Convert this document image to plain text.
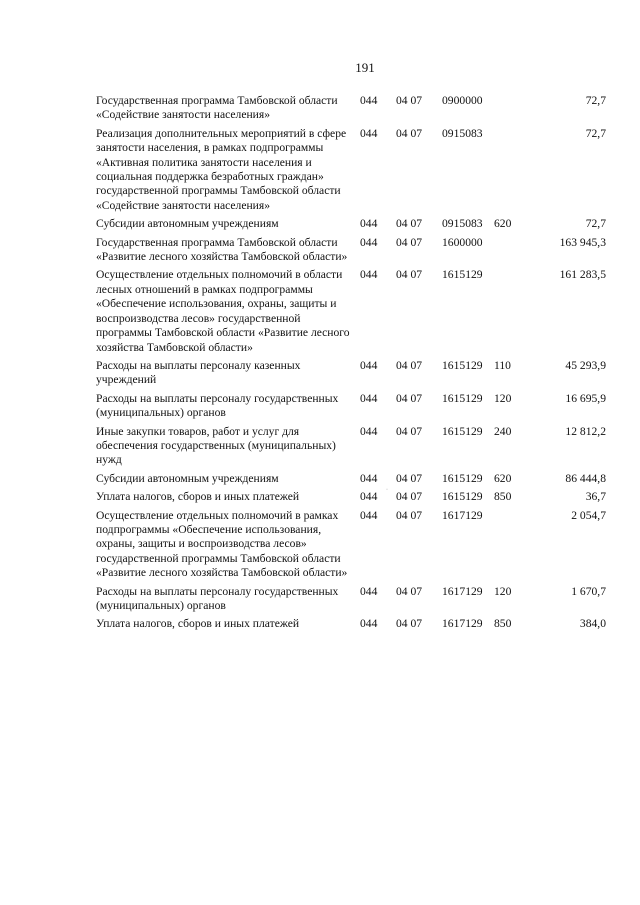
191
Государственная программа Тамбовской области «Содействие занятости населения»	044	04 07	0900000		72,7
Реализация дополнительных мероприятий в сфере занятости населения, в рамках подпрограммы «Активная политика занятости населения и социальная поддержка безработных граждан» государственной программы Тамбовской области «Содействие занятости населения»	044	04 07	0915083		72,7
Субсидии автономным учреждениям	044	04 07	0915083	620	72,7
Государственная программа Тамбовской области «Развитие лесного хозяйства Тамбовской области»	044	04 07	1600000		163 945,3
Осуществление отдельных полномочий в области лесных отношений в рамках подпрограммы «Обеспечение использования, охраны, защиты и воспроизводства лесов» государственной программы Тамбовской области «Развитие лесного хозяйства Тамбовской области»	044	04 07	1615129		161 283,5
Расходы на выплаты персоналу казенных учреждений	044	04 07	1615129	110	45 293,9
Расходы на выплаты персоналу государственных (муниципальных) органов	044	04 07	1615129	120	16 695,9
Иные закупки товаров, работ и услуг для обеспечения государственных (муниципальных) нужд	044	04 07	1615129	240	12 812,2
Субсидии автономным учреждениям	044	04 07	1615129	620	86 444,8
Уплата налогов, сборов и иных платежей	044	04 07	1615129	850	36,7
Осуществление отдельных полномочий в рамках подпрограммы «Обеспечение использования, охраны, защиты и воспроизводства лесов» государственной программы Тамбовской области «Развитие лесного хозяйства Тамбовской области»	044	04 07	1617129		2 054,7
Расходы на выплаты персоналу государственных (муниципальных) органов	044	04 07	1617129	120	1 670,7
Уплата налогов, сборов и иных платежей	044	04 07	1617129	850	384,0
·
